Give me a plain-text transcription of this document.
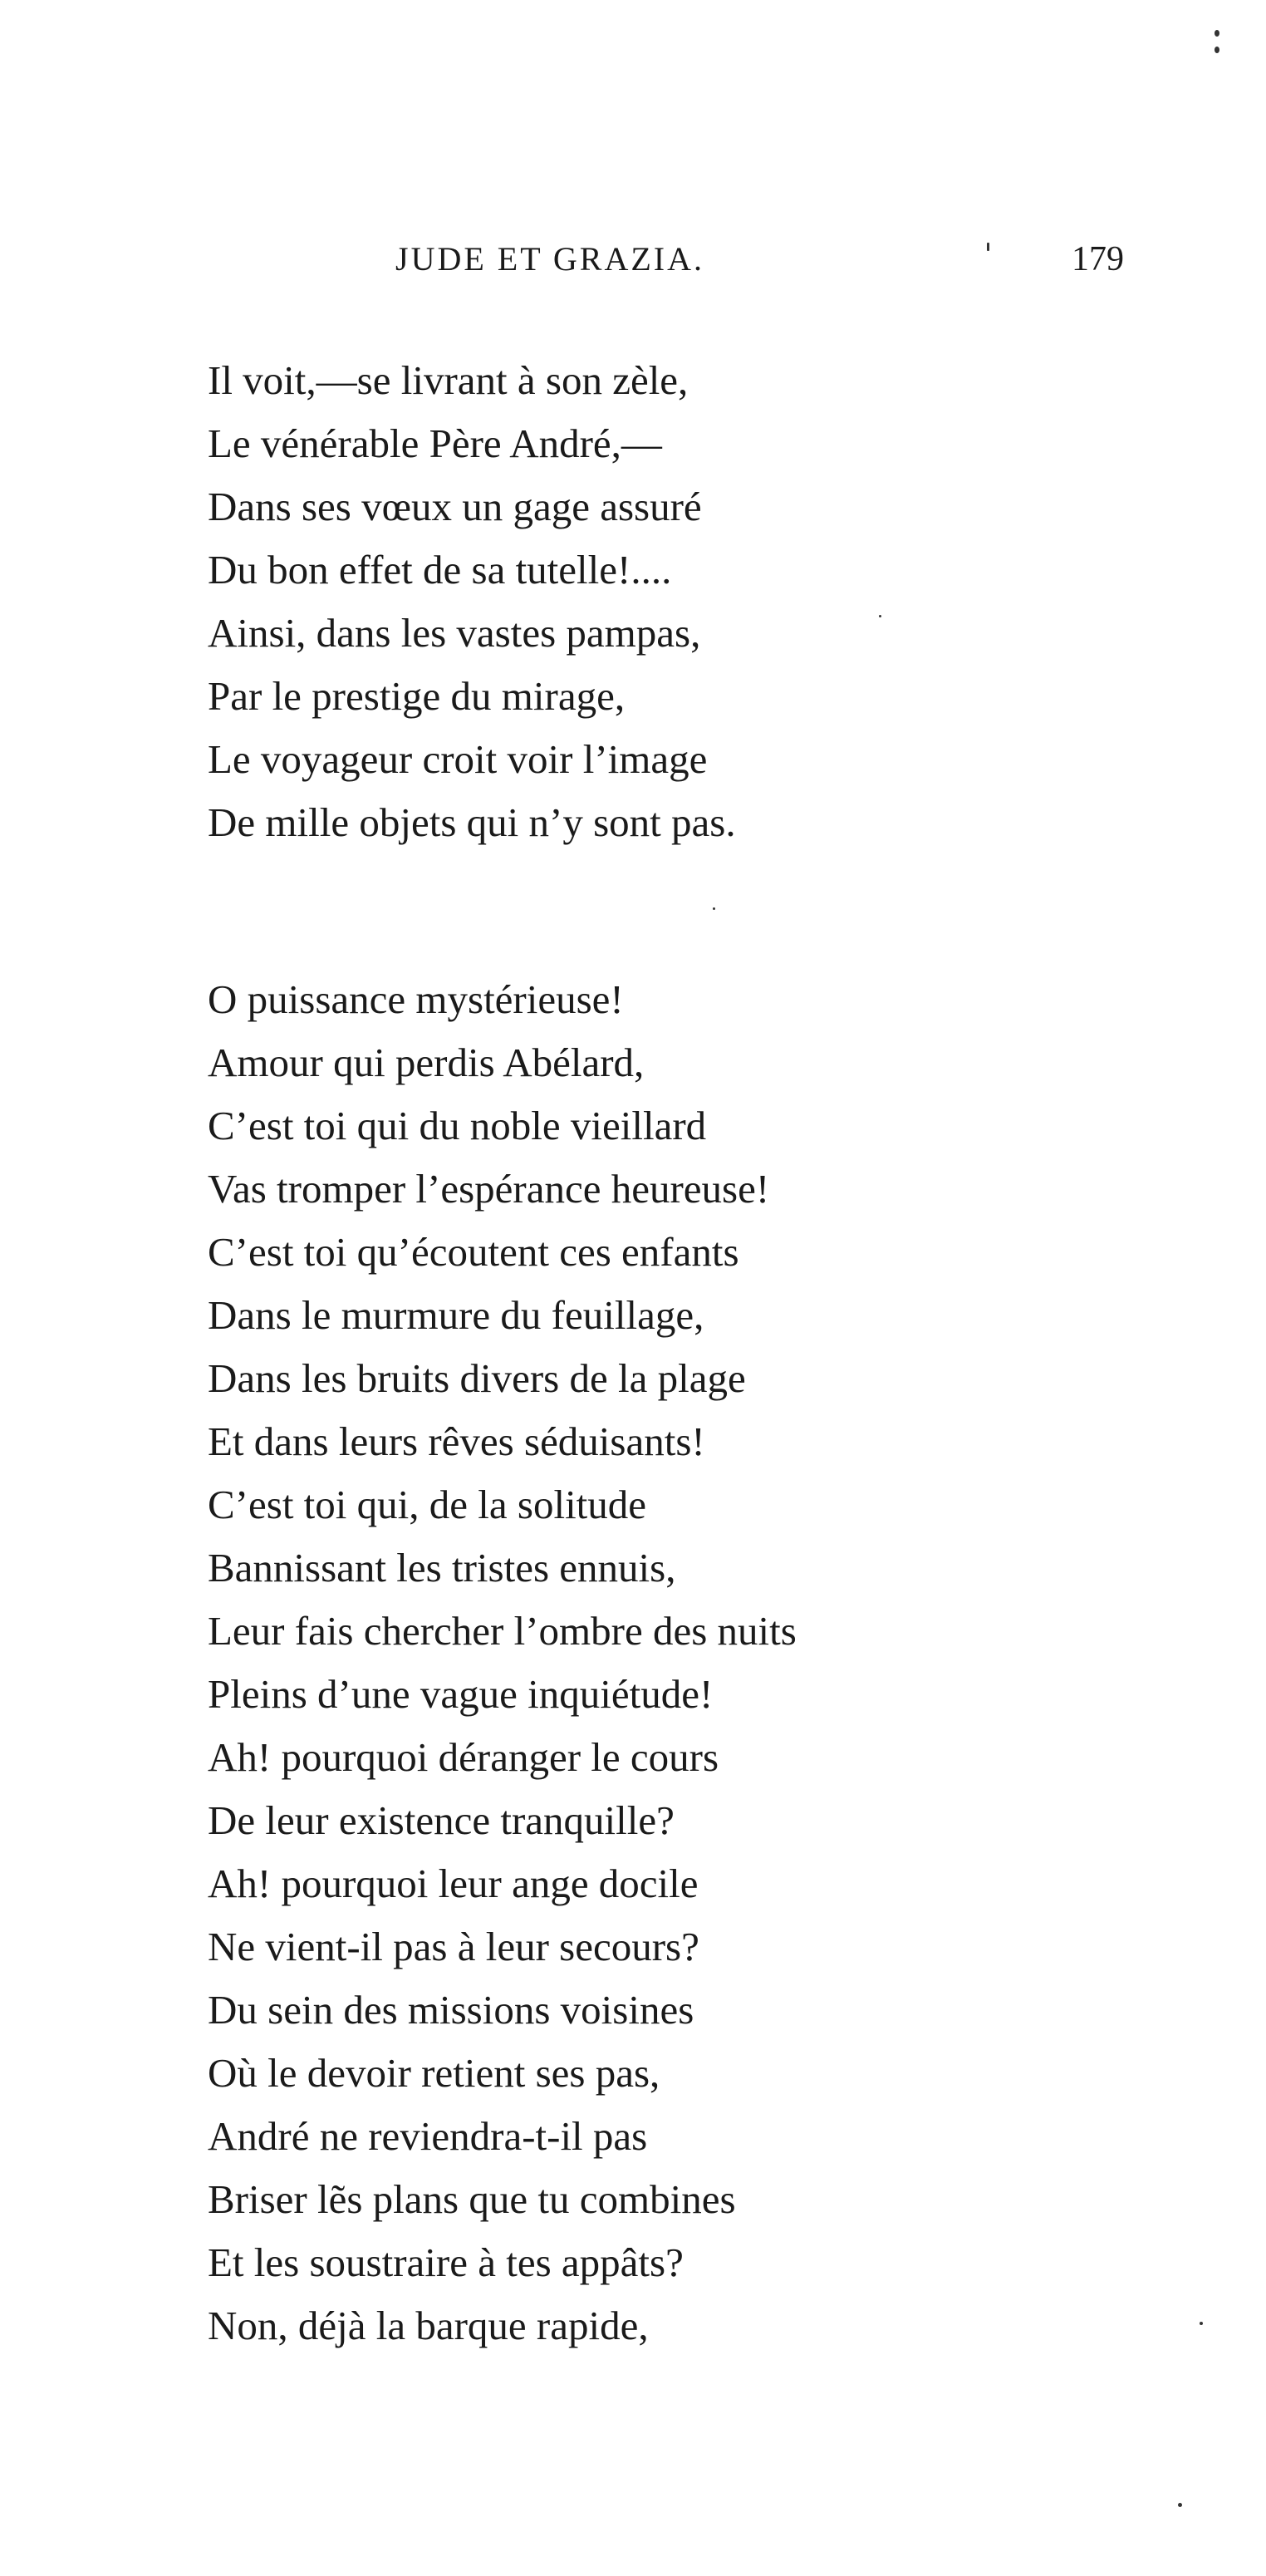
JUDE ET GRAZIA.	179
Il voit,—se livrant à son zèle,
Le vénérable Père André,—
Dans ses vœux un gage assuré
Du bon effet de sa tutelle!....
Ainsi, dans les vastes pampas,
Par le prestige du mirage,
Le voyageur croit voir l’image
De mille objets qui n’y sont pas.
O puissance mystérieuse!
Amour qui perdis Abélard,
C’est toi qui du noble vieillard
Vas tromper l’espérance heureuse!
C’est toi qu’écoutent ces enfants
Dans le murmure du feuillage,
Dans les bruits divers de la plage
Et dans leurs rêves séduisants!
C’est toi qui, de la solitude
Bannissant les tristes ennuis,
Leur fais chercher l’ombre des nuits
Pleins d’une vague inquiétude!
Ah! pourquoi déranger le cours
De leur existence tranquille?
Ah! pourquoi leur ange docile
Ne vient-il pas à leur secours?
Du sein des missions voisines
Où le devoir retient ses pas,
André ne reviendra-t-il pas
Briser lẽs plans que tu combines
Et les soustraire à tes appâts?
Non, déjà la barque rapide,
